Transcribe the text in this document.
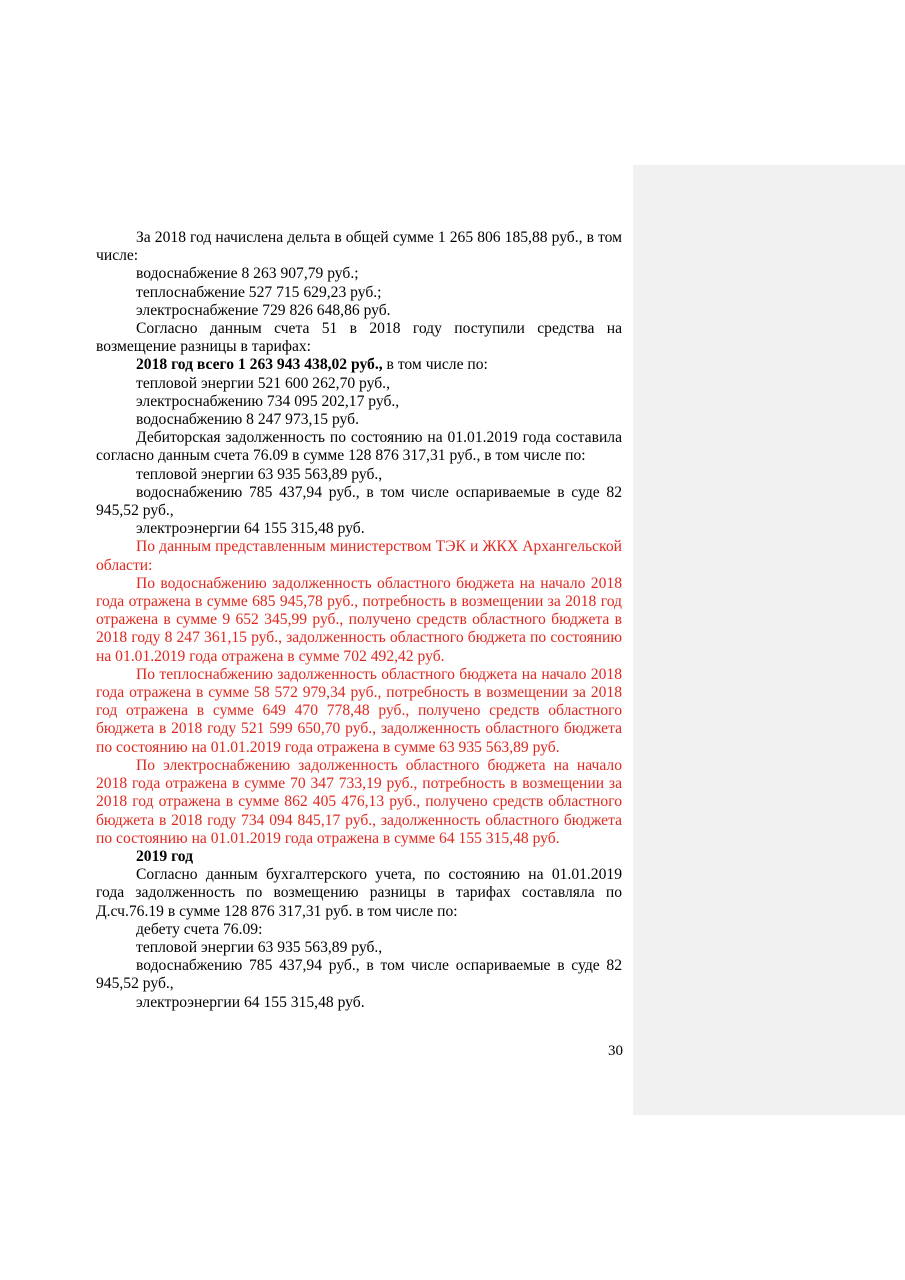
За 2018 год начислена дельта в общей сумме 1 265 806 185,88 руб., в том числе:

водоснабжение 8 263 907,79 руб.;

теплоснабжение 527 715 629,23 руб.;

электроснабжение 729 826 648,86 руб.

Согласно данным счета 51 в 2018 году поступили средства на возмещение разницы в тарифах:

2018 год всего 1 263 943 438,02 руб., в том числе по:

тепловой энергии 521 600 262,70 руб.,

электроснабжению 734 095 202,17 руб.,

водоснабжению 8 247 973,15 руб.

Дебиторская задолженность по состоянию на 01.01.2019 года составила согласно данным счета 76.09 в сумме 128 876 317,31 руб., в том числе по:

тепловой энергии 63 935 563,89 руб.,

водоснабжению 785 437,94 руб., в том числе оспариваемые в суде 82 945,52 руб.,

электроэнергии 64 155 315,48 руб.

По данным представленным министерством ТЭК и ЖКХ Архангельской области:

По водоснабжению задолженность областного бюджета на начало 2018 года отражена в сумме 685 945,78 руб., потребность в возмещении за 2018 год отражена в сумме 9 652 345,99 руб., получено средств областного бюджета в 2018 году 8 247 361,15 руб., задолженность областного бюджета по состоянию на 01.01.2019 года отражена в сумме 702 492,42 руб.

По теплоснабжению задолженность областного бюджета на начало 2018 года отражена в сумме 58 572 979,34 руб., потребность в возмещении за 2018 год отражена в сумме 649 470 778,48 руб., получено средств областного бюджета в 2018 году 521 599 650,70 руб., задолженность областного бюджета по состоянию на 01.01.2019 года отражена в сумме 63 935 563,89 руб.

По электроснабжению задолженность областного бюджета на начало 2018 года отражена в сумме 70 347 733,19 руб., потребность в возмещении за 2018 год отражена в сумме 862 405 476,13 руб., получено средств областного бюджета в 2018 году 734 094 845,17 руб., задолженность областного бюджета по состоянию на 01.01.2019 года отражена в сумме 64 155 315,48 руб.

2019 год

Согласно данным бухгалтерского учета, по состоянию на 01.01.2019 года задолженность по возмещению разницы в тарифах составляла по Д.сч.76.19 в сумме 128 876 317,31 руб. в том числе по:

дебету счета 76.09:

тепловой энергии 63 935 563,89 руб.,

водоснабжению 785 437,94 руб., в том числе оспариваемые в суде 82 945,52 руб.,

электроэнергии 64 155 315,48 руб.

30
